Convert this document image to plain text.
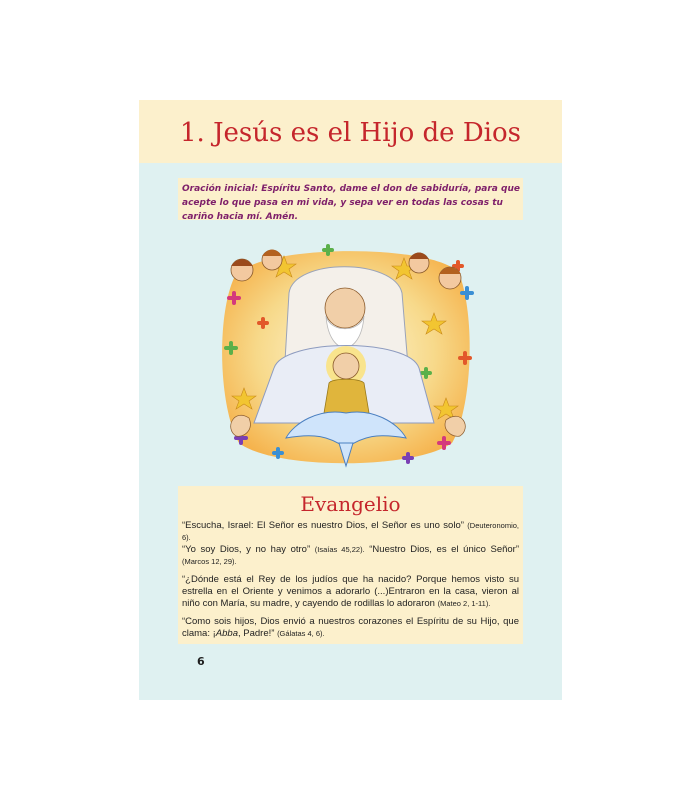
1. Jesús es el Hijo de Dios
Oración inicial: Espíritu Santo, dame el don de sabiduría, para que acepte lo que pasa en mi vida, y sepa ver en todas las cosas tu cariño hacia mí. Amén.
Evangelio

“Escucha, Israel: El Señor es nuestro Dios, el Señor es uno solo” (Deuteronomio, 6).
“Yo soy Dios, y no hay otro” (Isaías 45,22). “Nuestro Dios, es el único Señor” (Marcos 12, 29).

“¿Dónde está el Rey de los judíos que ha nacido? Porque hemos visto su estrella en el Oriente y venimos a adorarlo (...)Entraron en la casa, vieron al niño con María, su madre, y cayendo de rodillas lo adoraron (Mateo 2, 1-11).

“Como sois hijos, Dios envió a nuestros corazones el Espíritu de su Hijo, que clama: ¡Abba, Padre!” (Gálatas 4, 6).

6
